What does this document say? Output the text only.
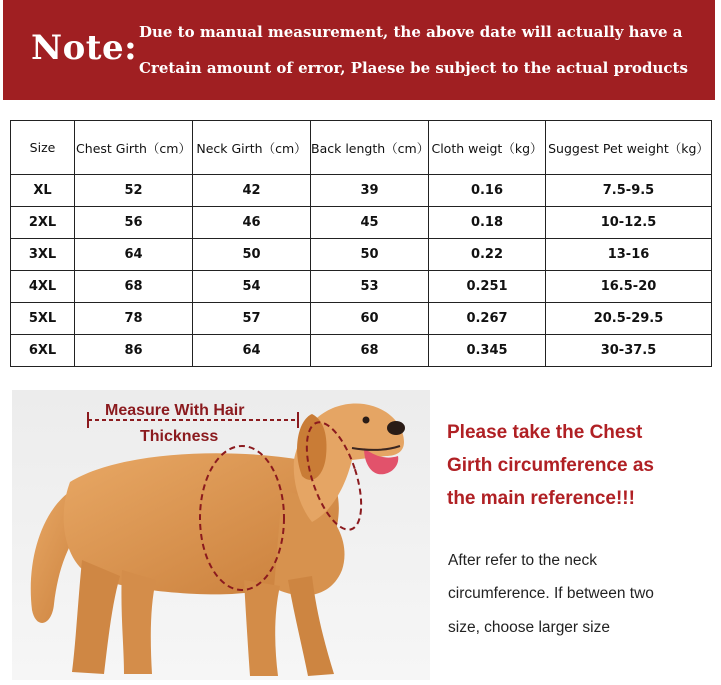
Note: Due to manual measurement, the above date will actually have a
Cretain amount of error, Plaese be subject to the actual products
Size	Chest Girth（cm）	Neck Girth（cm）	Back length（cm）	Cloth weigt（kg）	Suggest Pet weight（kg）
XL	52	42	39	0.16	7.5-9.5
2XL	56	46	45	0.18	10-12.5
3XL	64	50	50	0.22	13-16
4XL	68	54	53	0.251	16.5-20
5XL	78	57	60	0.267	20.5-29.5
6XL	86	64	68	0.345	30-37.5
Measure With Hair
Thickness	Please take the Chest
Girth circumference as
the main reference!!!
After refer to the neck
circumference. If between two
size, choose larger size
